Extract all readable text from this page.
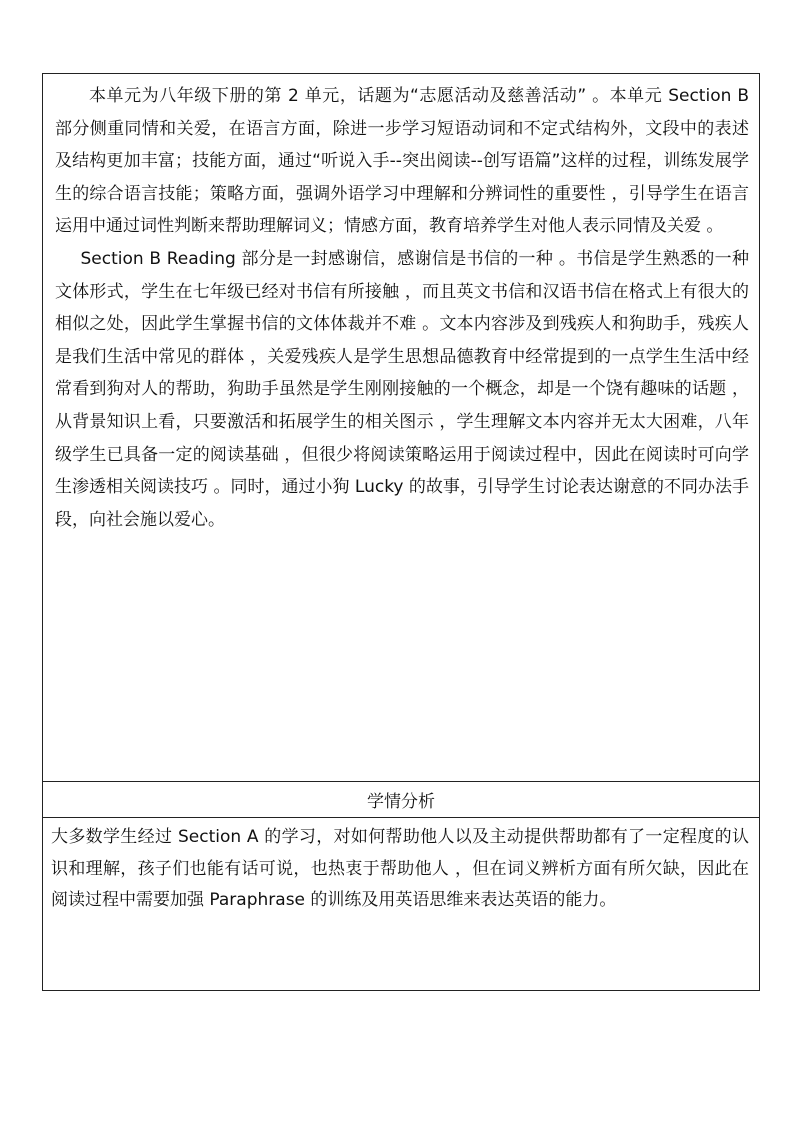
本单元为八年级下册的第 2 单元，话题为“志愿活动及慈善活动” 。本单元 Section B 部分侧重同情和关爱，在语言方面，除进一步学习短语动词和不定式结构外，文段中的表述及结构更加丰富；技能方面，通过“听说入手--突出阅读--创写语篇”这样的过程，训练发展学生的综合语言技能；策略方面，强调外语学习中理解和分辨词性的重要性 ，引导学生在语言运用中通过词性判断来帮助理解词义；情感方面，教育培养学生对他人表示同情及关爱 。

Section B Reading 部分是一封感谢信，感谢信是书信的一种 。书信是学生熟悉的一种文体形式，学生在七年级已经对书信有所接触 ，而且英文书信和汉语书信在格式上有很大的相似之处，因此学生掌握书信的文体体裁并不难 。文本内容涉及到残疾人和狗助手，残疾人是我们生活中常见的群体 ，关爱残疾人是学生思想品德教育中经常提到的一点学生生活中经常看到狗对人的帮助，狗助手虽然是学生刚刚接触的一个概念，却是一个饶有趣味的话题 ，从背景知识上看，只要激活和拓展学生的相关图示 ，学生理解文本内容并无太大困难，八年级学生已具备一定的阅读基础 ，但很少将阅读策略运用于阅读过程中，因此在阅读时可向学生渗透相关阅读技巧 。同时，通过小狗 Lucky 的故事，引导学生讨论表达谢意的不同办法手段，向社会施以爱心。

学情分析

大多数学生经过 Section A 的学习，对如何帮助他人以及主动提供帮助都有了一定程度的认识和理解，孩子们也能有话可说，也热衷于帮助他人 ，但在词义辨析方面有所欠缺，因此在阅读过程中需要加强 Paraphrase 的训练及用英语思维来表达英语的能力。
